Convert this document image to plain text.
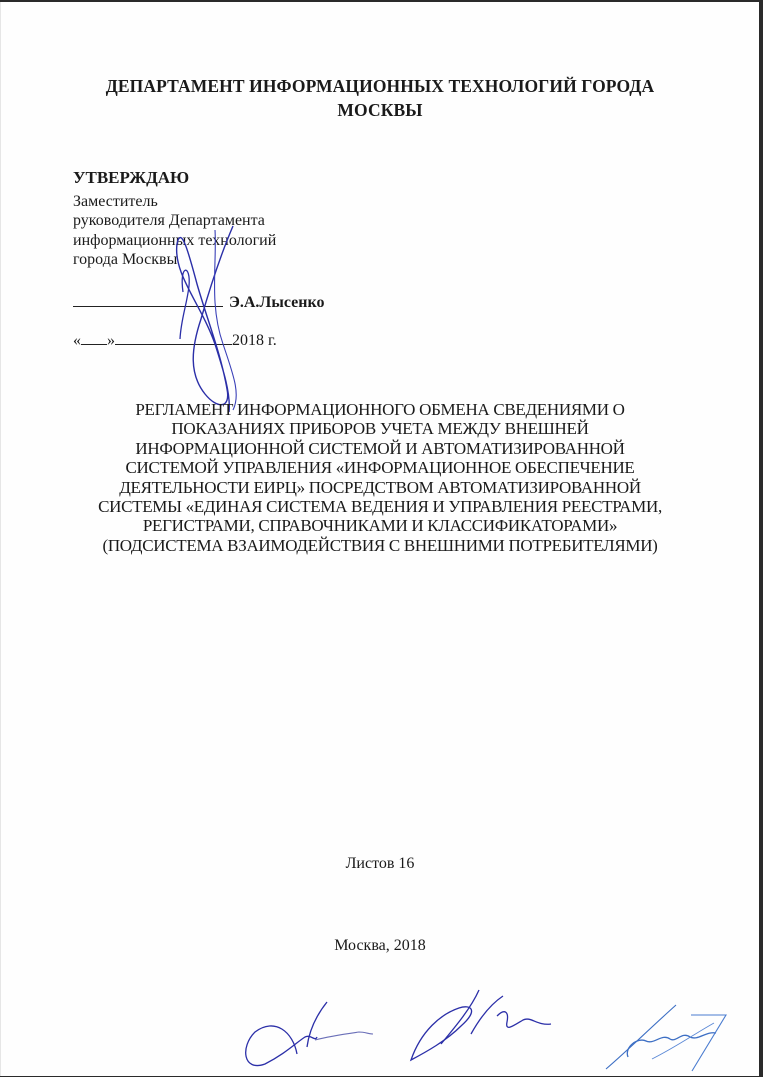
ДЕПАРТАМЕНТ ИНФОРМАЦИОННЫХ ТЕХНОЛОГИЙ ГОРОДА
МОСКВЫ
УТВЕРЖДАЮ
Заместитель
руководителя Департамента
информационных технологий
города Москвы
Э.А.Лысенко
« »	2018 г.
РЕГЛАМЕНТ ИНФОРМАЦИОННОГО ОБМЕНА СВЕДЕНИЯМИ О
ПОКАЗАНИЯХ ПРИБОРОВ УЧЕТА МЕЖДУ ВНЕШНЕЙ
ИНФОРМАЦИОННОЙ СИСТЕМОЙ И АВТОМАТИЗИРОВАННОЙ
СИСТЕМОЙ УПРАВЛЕНИЯ «ИНФОРМАЦИОННОЕ ОБЕСПЕЧЕНИЕ
ДЕЯТЕЛЬНОСТИ ЕИРЦ» ПОСРЕДСТВОМ АВТОМАТИЗИРОВАННОЙ
СИСТЕМЫ «ЕДИНАЯ СИСТЕМА ВЕДЕНИЯ И УПРАВЛЕНИЯ РЕЕСТРАМИ,
РЕГИСТРАМИ, СПРАВОЧНИКАМИ И КЛАССИФИКАТОРАМИ»
(ПОДСИСТЕМА ВЗАИМОДЕЙСТВИЯ С ВНЕШНИМИ ПОТРЕБИТЕЛЯМИ)
Листов 16
Москва, 2018
